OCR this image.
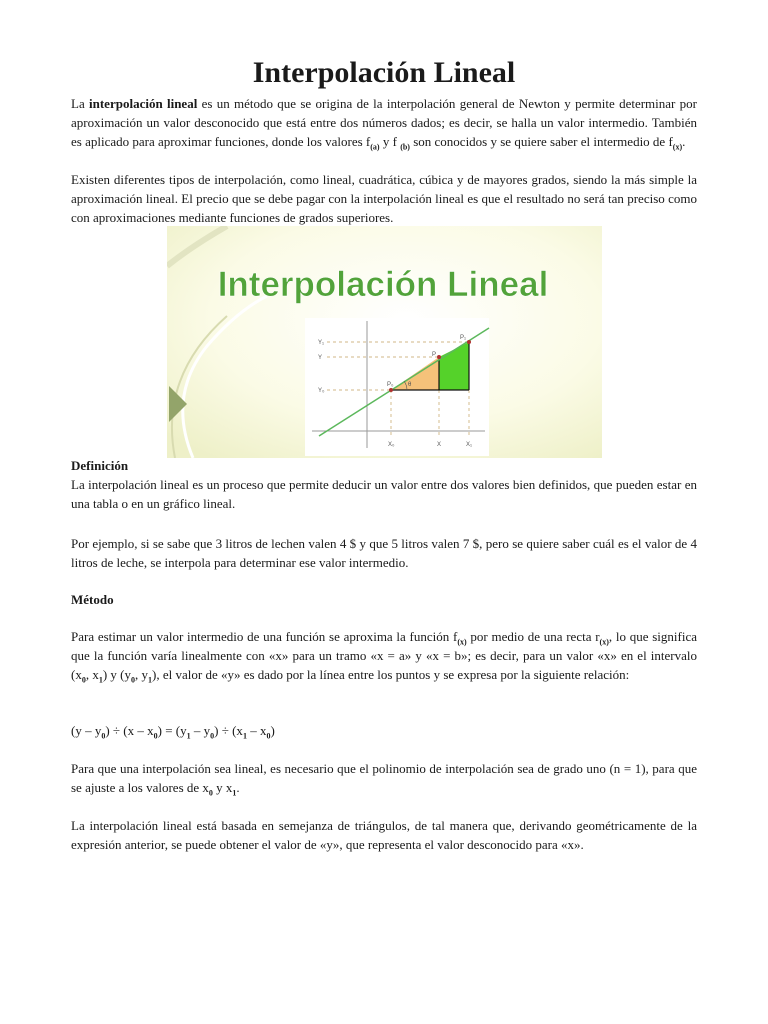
Interpolación Lineal

La interpolación lineal es un método que se origina de la interpolación general de Newton y permite determinar por aproximación un valor desconocido que está entre dos números dados; es decir, se halla un valor intermedio. También es aplicado para aproximar funciones, donde los valores $f_{(a)}$ y f $_{(b)}$ son conocidos y se quiere saber el intermedio de $f_{(x)}$.

Existen diferentes tipos de interpolación, como lineal, cuadrática, cúbica y de mayores grados, siendo la más simple la aproximación lineal. El precio que se debe pagar con la interpolación lineal es que el resultado no será tan preciso como con aproximaciones mediante funciones de grados superiores.

Interpolación Lineal
Y₁
Y
Y₀
X₀	X	X₁
P₀
P
P₁
θ
Definición

La interpolación lineal es un proceso que permite deducir un valor entre dos valores bien definidos, que pueden estar en una tabla o en un gráfico lineal.

Por ejemplo, si se sabe que 3 litros de lechen valen 4 $ y que 5 litros valen 7 $, pero se quiere saber cuál es el valor de 4 litros de leche, se interpola para determinar ese valor intermedio.

Método

Para estimar un valor intermedio de una función se aproxima la función $f_{(x)}$ por medio de una recta $r_{(x)}$, lo que significa que la función varía linealmente con «x» para un tramo «x = a» y «x = b»; es decir, para un valor «x» en el intervalo ($x_0$, $x_1$) y ($y_0$, $y_1$), el valor de «y» es dado por la línea entre los puntos y se expresa por la siguiente relación:

$(y - y_0) \div (x - x_0) = (y_1 - y_0) \div (x_1 - x_0)$

Para que una interpolación sea lineal, es necesario que el polinomio de interpolación sea de grado uno (n = 1), para que se ajuste a los valores de $x_0$ y $x_1$.

La interpolación lineal está basada en semejanza de triángulos, de tal manera que, derivando geométricamente de la expresión anterior, se puede obtener el valor de «y», que representa el valor desconocido para «x».
